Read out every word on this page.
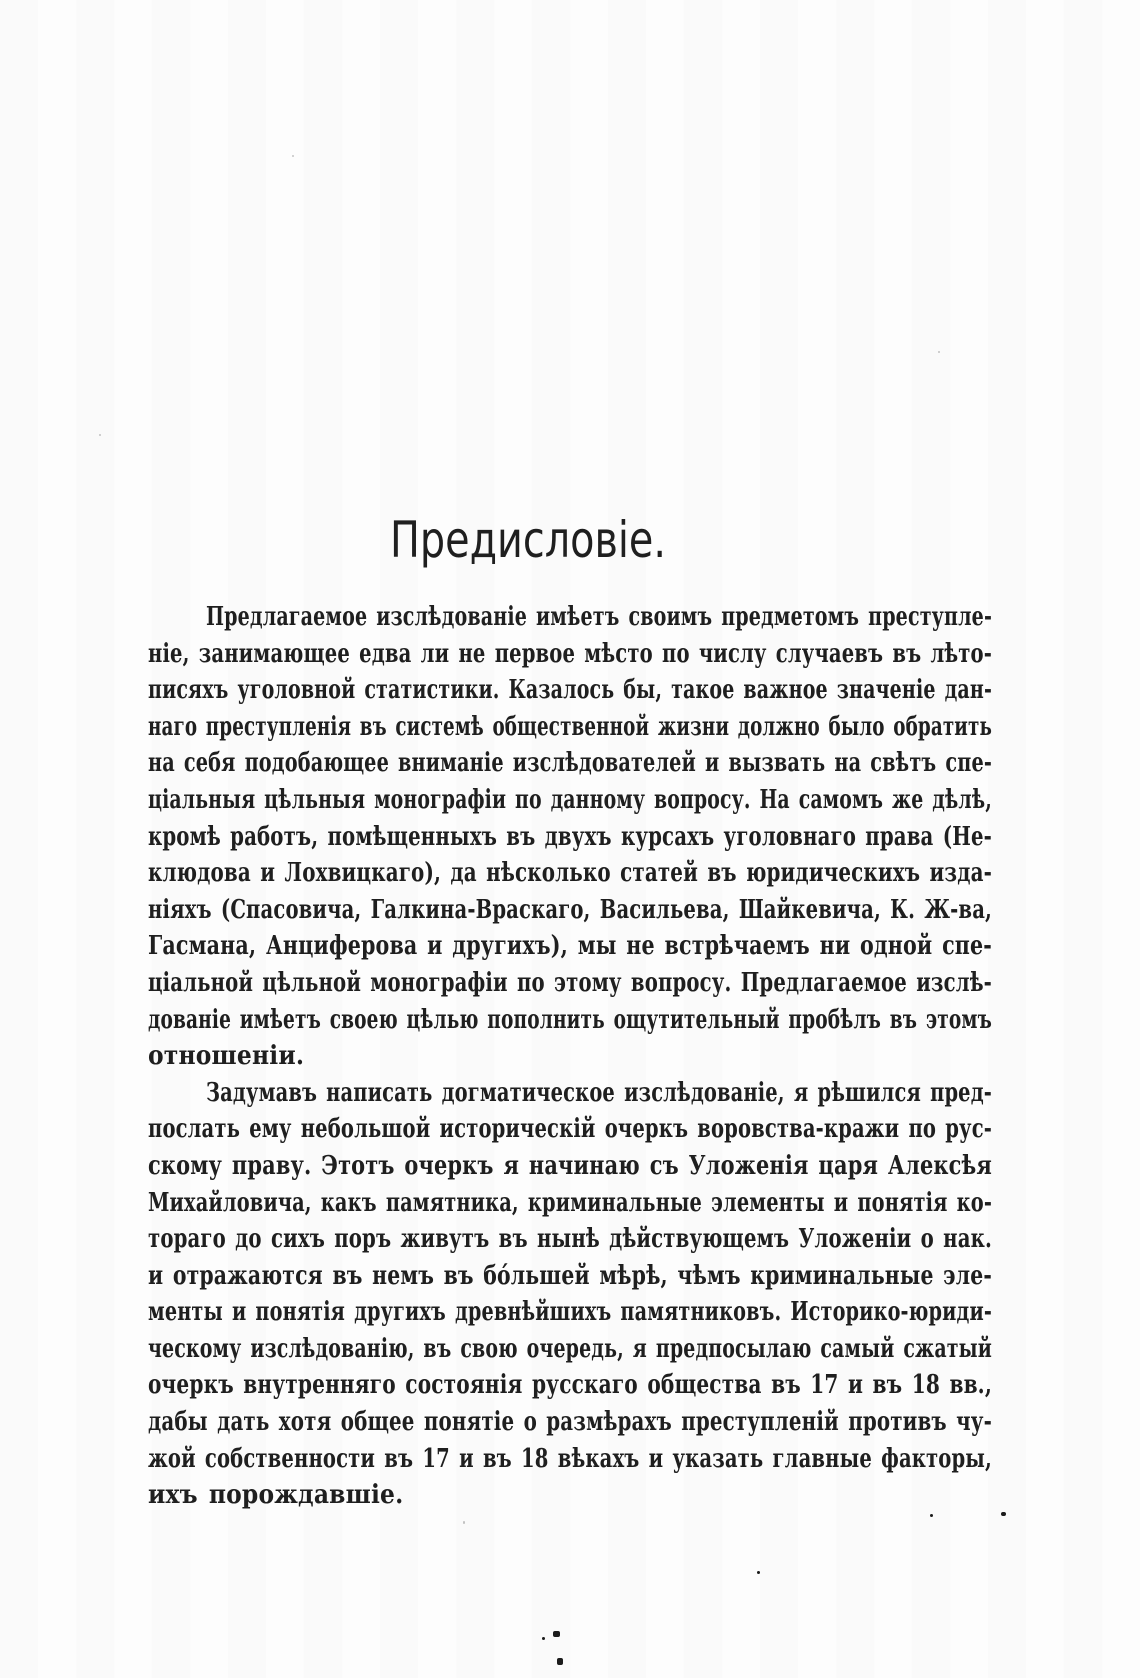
Предисловіе.
Предлагаемое изслѣдованіе имѣетъ своимъ предметомъ преступле-
ніе, занимающее едва ли не первое мѣсто по числу случаевъ въ лѣто-
писяхъ уголовной статистики. Казалось бы, такое важное значеніе дан-
наго преступленія въ системѣ общественной жизни должно было обратить
на себя подобающее вниманіе изслѣдователей и вызвать на свѣтъ спе-
ціальныя цѣльныя монографіи по данному вопросу. На самомъ же дѣлѣ,
кромѣ работъ, помѣщенныхъ въ двухъ курсахъ уголовнаго права (Не-
клюдова и Лохвицкаго), да нѣсколько статей въ юридическихъ изда-
ніяхъ (Спасовича, Галкина-Враскаго, Васильева, Шайкевича, К. Ж-ва,
Гасмана, Анциферова и другихъ), мы не встрѣчаемъ ни одной спе-
ціальной цѣльной монографіи по этому вопросу. Предлагаемое изслѣ-
дованіе имѣетъ своею цѣлью пополнить ощутительный пробѣлъ въ этомъ
отношеніи.
Задумавъ написать догматическое изслѣдованіе, я рѣшился пред-
послать ему небольшой историческій очеркъ воровства-кражи по рус-
скому праву. Этотъ очеркъ я начинаю съ Уложенія царя Алексѣя
Михайловича, какъ памятника, криминальные элементы и понятія ко-
тораго до сихъ поръ живутъ въ нынѣ дѣйствующемъ Уложеніи о нак.
и отражаются въ немъ въ бо́льшей мѣрѣ, чѣмъ криминальные эле-
менты и понятія другихъ древнѣйшихъ памятниковъ. Историко-юриди-
ческому изслѣдованію, въ свою очередь, я предпосылаю самый сжатый
очеркъ внутренняго состоянія русскаго общества въ 17 и въ 18 вв.,
дабы дать хотя общее понятіе о размѣрахъ преступленій противъ чу-
жой собственности въ 17 и въ 18 вѣкахъ и указать главные факторы,
ихъ порождавшіе.
